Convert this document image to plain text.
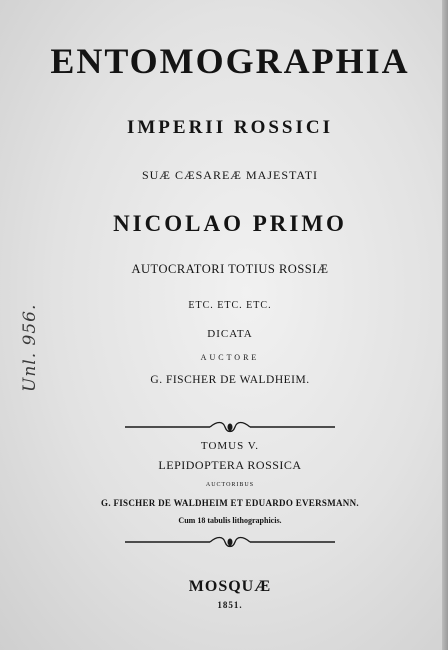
ENTOMOGRAPHIA
IMPERII ROSSICI
SUÆ CÆSAREÆ MAJESTATI
NICOLAO PRIMO
AUTOCRATORI TOTIUS ROSSIÆ
ETC. ETC. ETC.
DICATA
AUCTORE
G. FISCHER DE WALDHEIM.
TOMUS V.
LEPIDOPTERA ROSSICA
AUCTORIBUS
G. FISCHER DE WALDHEIM ET EDUARDO EVERSMANN.
Cum 18 tabulis lithographicis.
MOSQUÆ
1851.
Unl. 956.
